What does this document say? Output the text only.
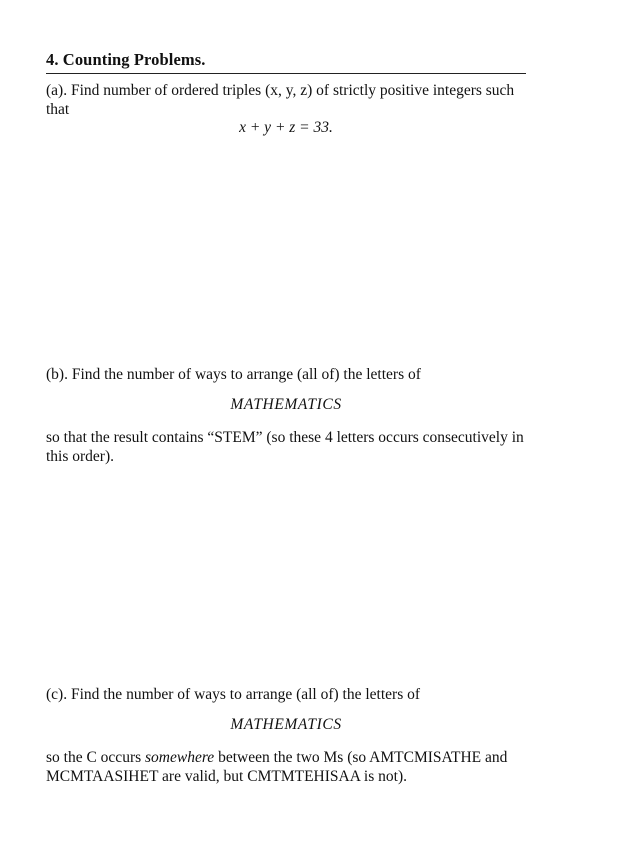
4. Counting Problems.
(a). Find number of ordered triples (x, y, z) of strictly positive integers such that
x + y + z = 33.
(b). Find the number of ways to arrange (all of) the letters of
MATHEMATICS
so that the result contains “STEM” (so these 4 letters occurs consecutively in this order).
(c). Find the number of ways to arrange (all of) the letters of
MATHEMATICS
so the C occurs somewhere between the two Ms (so AMTCMISATHE and MCMTAASIHET are valid, but CMTMTEHISAA is not).
